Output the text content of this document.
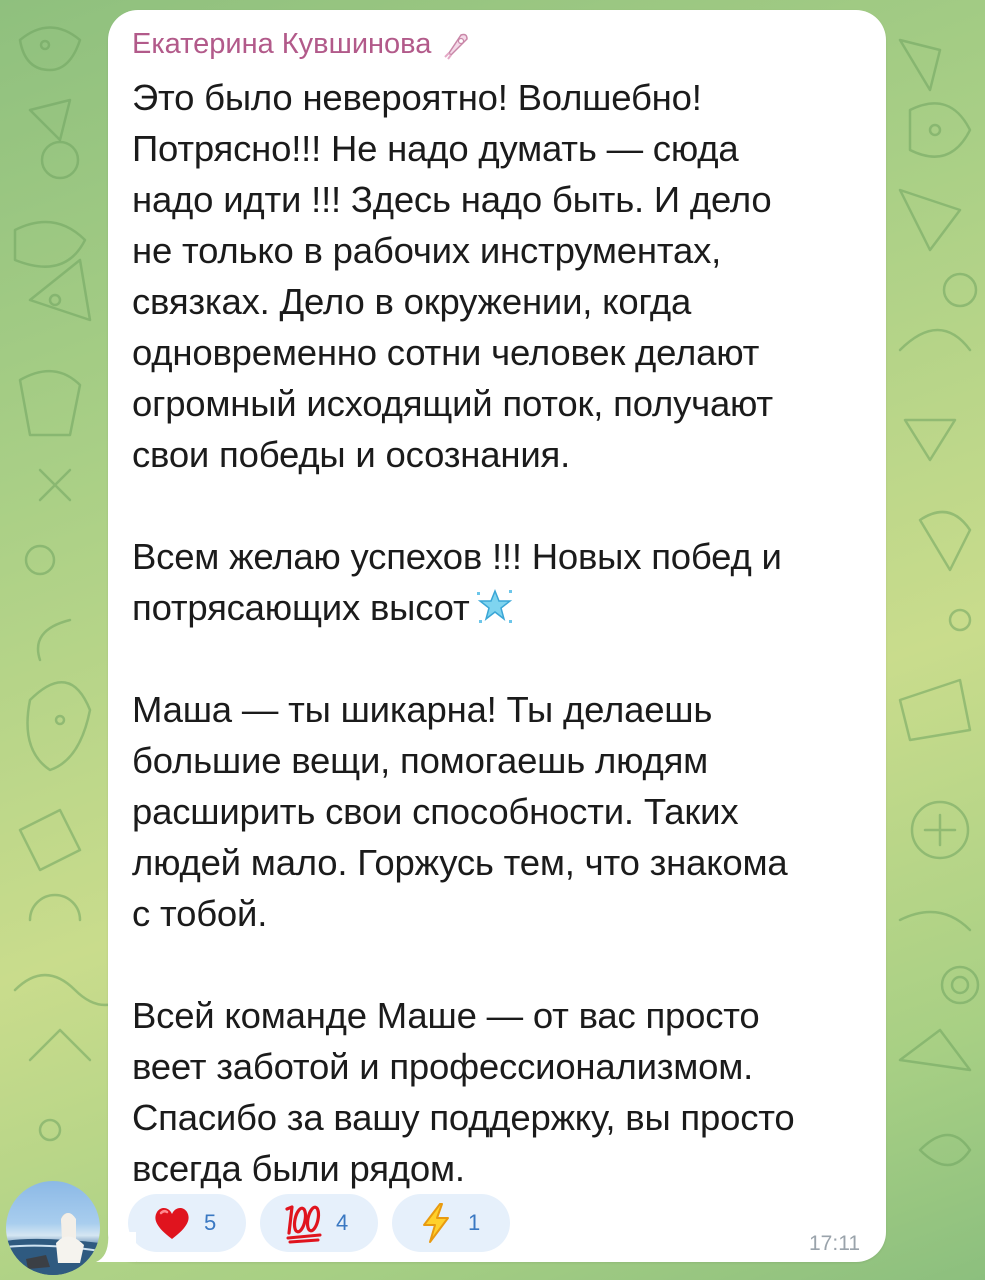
Екатерина Кувшинова
Это было невероятно! Волшебно!
Потрясно!!! Не надо думать — сюда
надо идти !!! Здесь надо быть. И дело
не только в рабочих инструментах,
связках. Дело в окружении, когда
одновременно сотни человек делают
огромный исходящий поток, получают
свои победы и осознания.
Всем желаю успехов !!! Новых побед и
потрясающих высот
Маша — ты шикарна! Ты делаешь
большие вещи, помогаешь людям
расширить свои способности. Таких
людей мало. Горжусь тем, что знакома
с тобой.
Всей команде Маше — от вас просто
веет заботой и профессионализмом.
Спасибо за вашу поддержку, вы просто
всегда были рядом.
5	4	1
17:11
